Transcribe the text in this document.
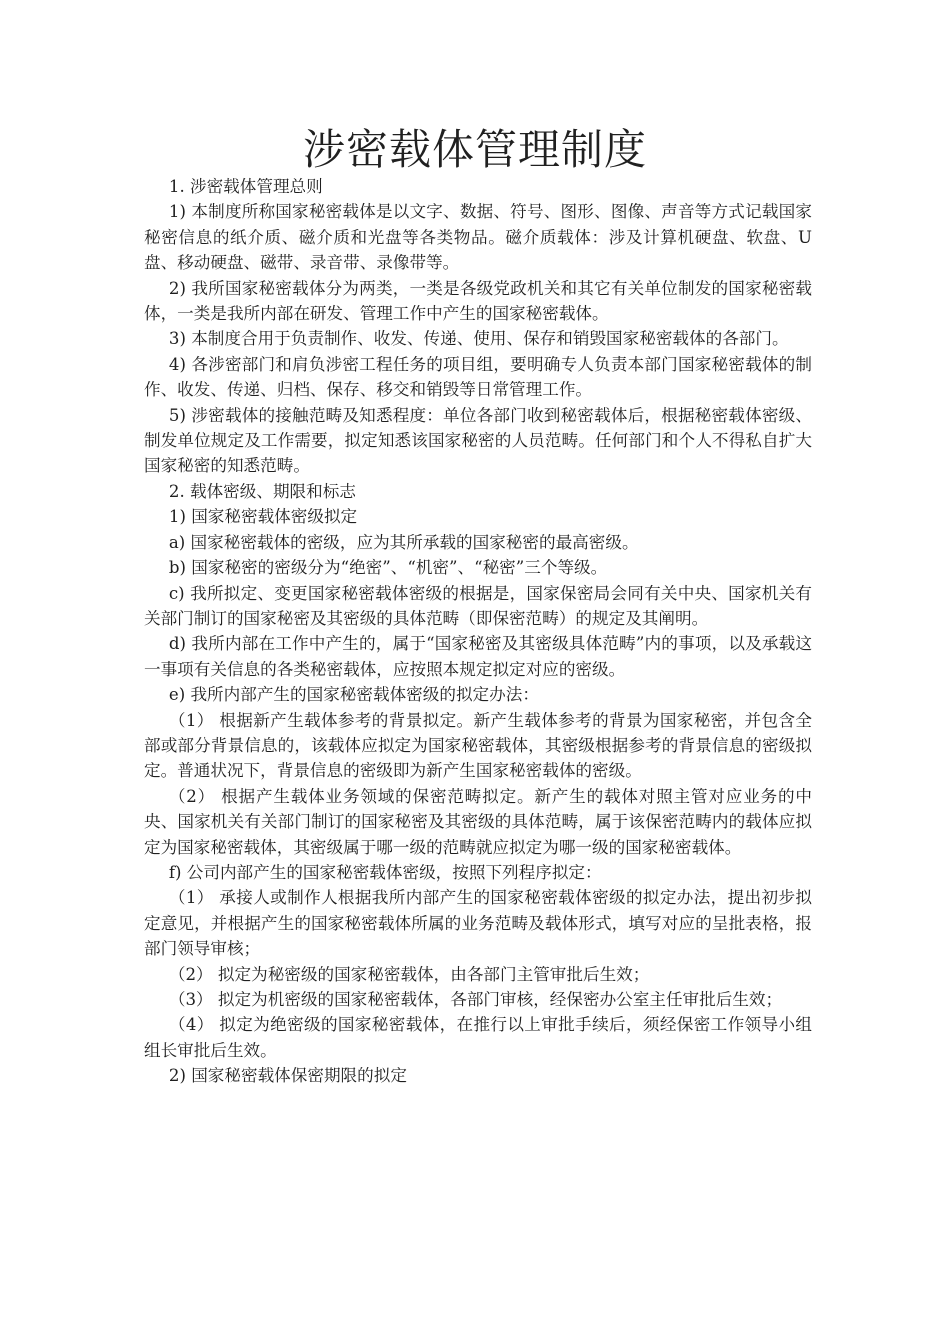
涉密载体管理制度

1. 涉密载体管理总则

1) 本制度所称国家秘密载体是以文字、数据、符号、图形、图像、声音等方式记载国家秘密信息的纸介质、磁介质和光盘等各类物品。磁介质载体：涉及计算机硬盘、软盘、U 盘、移动硬盘、磁带、录音带、录像带等。

2) 我所国家秘密载体分为两类，一类是各级党政机关和其它有关单位制发的国家秘密载体，一类是我所内部在研发、管理工作中产生的国家秘密载体。

3) 本制度合用于负责制作、收发、传递、使用、保存和销毁国家秘密载体的各部门。

4) 各涉密部门和肩负涉密工程任务的项目组，要明确专人负责本部门国家秘密载体的制作、收发、传递、归档、保存、移交和销毁等日常管理工作。

5) 涉密载体的接触范畴及知悉程度：单位各部门收到秘密载体后，根据秘密载体密级、制发单位规定及工作需要，拟定知悉该国家秘密的人员范畴。任何部门和个人不得私自扩大国家秘密的知悉范畴。

2. 载体密级、期限和标志

1) 国家秘密载体密级拟定

a) 国家秘密载体的密级，应为其所承载的国家秘密的最高密级。

b) 国家秘密的密级分为“绝密”、“机密”、“秘密”三个等级。

c) 我所拟定、变更国家秘密载体密级的根据是，国家保密局会同有关中央、国家机关有关部门制订的国家秘密及其密级的具体范畴（即保密范畴）的规定及其阐明。

d) 我所内部在工作中产生的，属于“国家秘密及其密级具体范畴”内的事项，以及承载这一事项有关信息的各类秘密载体，应按照本规定拟定对应的密级。

e) 我所内部产生的国家秘密载体密级的拟定办法：

（1） 根据新产生载体参考的背景拟定。新产生载体参考的背景为国家秘密，并包含全部或部分背景信息的，该载体应拟定为国家秘密载体，其密级根据参考的背景信息的密级拟定。普通状况下，背景信息的密级即为新产生国家秘密载体的密级。

（2） 根据产生载体业务领域的保密范畴拟定。新产生的载体对照主管对应业务的中央、国家机关有关部门制订的国家秘密及其密级的具体范畴，属于该保密范畴内的载体应拟定为国家秘密载体，其密级属于哪一级的范畴就应拟定为哪一级的国家秘密载体。

f) 公司内部产生的国家秘密载体密级，按照下列程序拟定：

（1） 承接人或制作人根据我所内部产生的国家秘密载体密级的拟定办法，提出初步拟定意见，并根据产生的国家秘密载体所属的业务范畴及载体形式，填写对应的呈批表格，报部门领导审核；

（2） 拟定为秘密级的国家秘密载体，由各部门主管审批后生效；

（3） 拟定为机密级的国家秘密载体，各部门审核，经保密办公室主任审批后生效；

（4） 拟定为绝密级的国家秘密载体，在推行以上审批手续后，须经保密工作领导小组组长审批后生效。

2) 国家秘密载体保密期限的拟定
